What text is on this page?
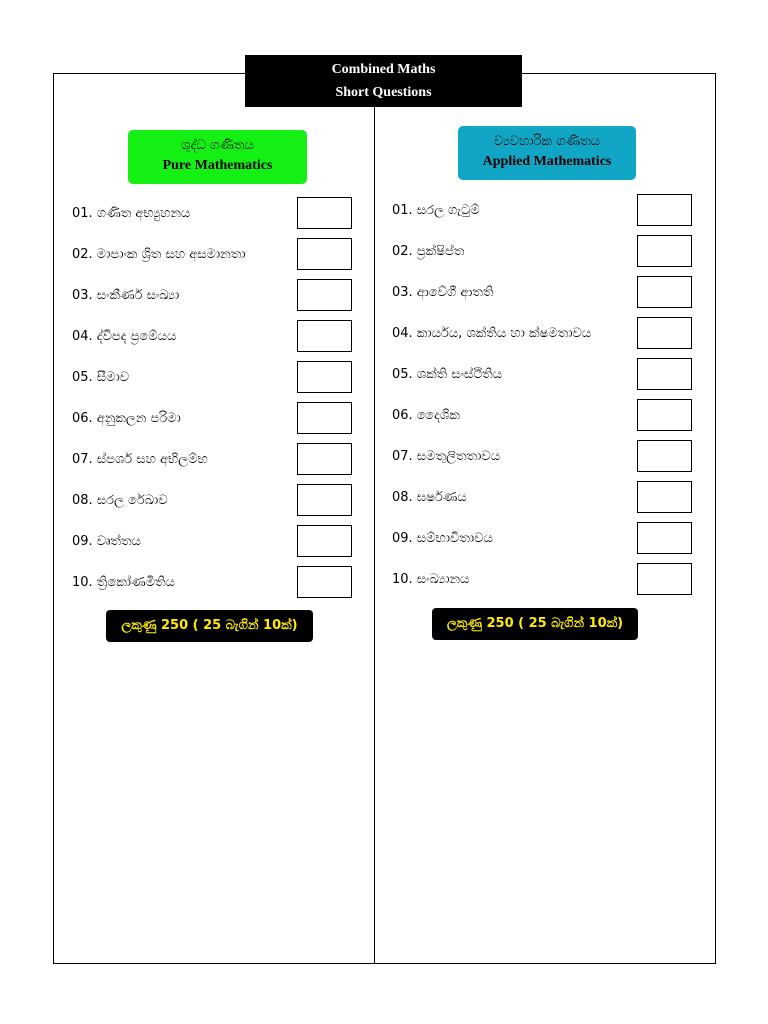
Combined Maths
Short Questions
ශුද්ධ ගණිතය
Pure Mathematics
ව්‍යවහාරික ගණිතය
Applied Mathematics
01. ගණිත අභ්‍යුහනය
02. මාපාංක ශ්‍රිත සහ අසමානතා
03. සංකීර්ණ සංඛ්‍යා
04. ද්විපද ප්‍රමේයය
05. සීමාව
06. අනුකලන පරිමා
07. ස්පර්ශ සහ අභිලම්භ
08. සරල රේඛාව
09. වෘත්තය
10. ත්‍රිකෝණමිතිය
01. සරල ගැටුම්
02. ප්‍රක්ෂිප්ත
03. ආවේගී ආතති
04. කාර්යය, ශක්තිය හා ක්ෂමතාවය
05. ශක්ති සංස්ථිතිය
06. දෛශික
07. සමතුලිතතාවය
08. ඝර්ෂණය
09. සම්භාවිතාවය
10. සංඛ්‍යානය
ලකුණු 250 ( 25 බැගින් 10ක්)	ලකුණු 250 ( 25 බැගින් 10ක්)
